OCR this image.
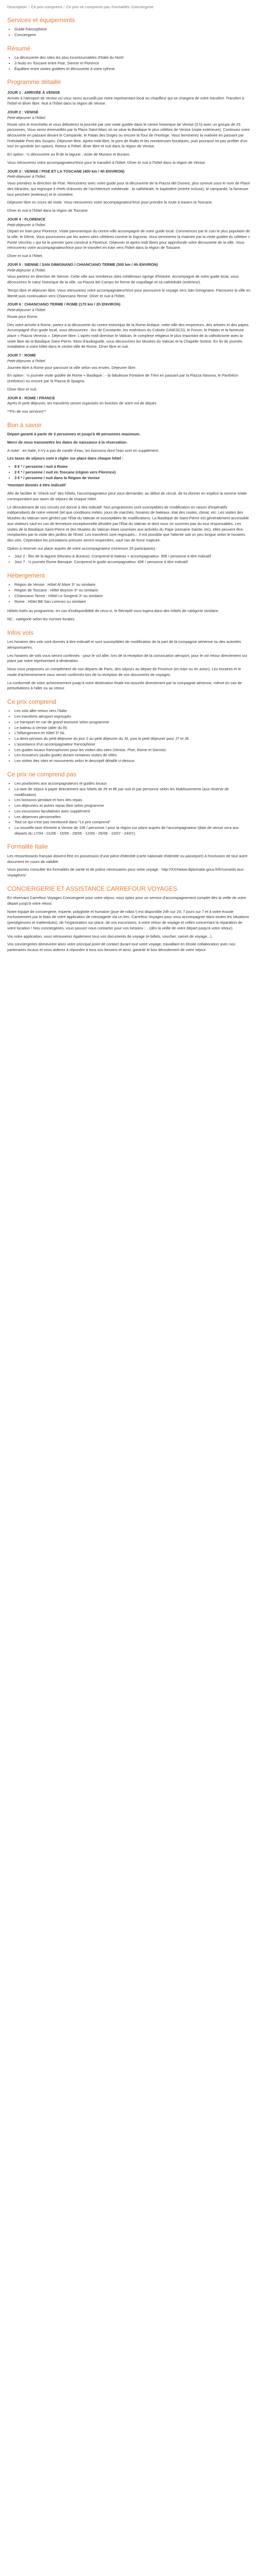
Description / Ce prix comprend / Ce prix ne comprend pas Formalités Conciergerie
Services et équipements
• Guide francophone
• Conciergerie
Résumé
• La découverte des sites les plus incontournables d'Italie du Nord
• 3 Nuits en Toscane entre Pise, Sienne et Florence
• Équilibre entre visites guidées et découverte à votre rythme
Programme détaillé
JOUR 1 : ARRIVÉE À VENISE

Arrivée à l'aéroport de Venise où vous serez accueilli par notre représentant local ou chauffeur qui se chargera de votre transfert. Transfert à l'hôtel et dîner libre. Nuit à l'hôtel dans la région de Venise.

JOUR 2 : VENISE
Petit-déjeuner à l'hôtel.

Route vers le tronchetto et vous débuterez la journée par une visite guidée dans le centre historique de Venise (3 h) avec un groupe de 25 personnes. Vous serez émerveillés par la Place Saint-Marc où se situe la Basilique le plus célèbre de Venise (visite extérieure). Continuez votre découverte en passant devant le Campanile, le Palais des Doges ou encore la Tour de l'Horloge. Vous terminerez la matinée en passant par l'inévitable Pont des Soupirs. Déjeuner libre. Après-midi libre, le pont de Rialto et les nombreuses boutiques, puis pourquoi ne pas profiter d'un tour en gondole (en option). Retour à l'hôtel, dîner libre et nuit dans la région de Venise.

En option : ½ découverte au fil de la lagune : visite de Murano et Burano.

Vous retrouverez votre accompagnateur/trice pour le transfert à l'hôtel. Dîner et nuit à l'hôtel dans la région de Venise.

JOUR 3 : VENISE / PISE ET LA TOSCANE (400 km / 4h ENVIRON)
Petit-déjeuner à l'hôtel.

Vous prendrez la direction de Pise. Rencontrez avec votre guide pour la découverte de la Piazza del Duomo, plus connue sous le nom de Place des Miracles, qui regroupe 4 chefs d'œuvres de l'architecture médiévale : la cathédrale, le baptistère (entrée incluse), le campanile, la fameuse tour penchée (extérieur) et le cimetière.

Déjeuner libre en cours de visite. Vous retrouverez votre accompagnateur/trice pour prendre la route à travers la Toscane.

Dîner et nuit à l'hôtel dans la région de Toscane.

JOUR 4 : FLORENCE
Petit-déjeuner à l'hôtel.

Départ en train pour Florence. Visite panoramique du centre-ville accompagné de votre guide local. Commencez par le coin le plus populaire de la ville, le Dôme. Vous poursuivrez par les autres sites célèbres comme la Signoria. Vous terminerez la matinée par la visite guidée du célèbre « Ponte Vecchio » qui fut le premier pont construit à Florence. Déjeuner et après-midi libres pour approfondir votre découverte de la ville. Vous retrouverez votre accompagnateur/trice pour le transfert en train vers l'hôtel dans la région de Toscane.

Dîner et nuit à l'hôtel.

JOUR 5 : SIENNE / SAN GIMIGNANO / CHIANCIANO TERME (300 km / 4h ENVIRON)
Petit-déjeuner à l'hôtel.

Vous partirez en direction de Sienne. Cette ville aux nombreux sites médiévaux rigorge d'histoire. Accompagné de votre guide local, vous découvrirez le cœur historique de la ville, sa Piazza del Campo en forme de coquillage et sa cathédrale (extérieur).

Temps libre et déjeuner libre. Vous retrouverez votre accompagnateur/trice pour poursuivre le voyage vers San Gimignano. Parcourez la ville en liberté puis continuation vers Chianciano Terme. Dîner et nuit à l'hôtel.

JOUR 6 : CHIANCIANO TERME / ROME (170 km / 2h ENVIRON)
Petit-déjeuner à l'hôtel.

Route pour Rome.

Dès votre arrivée à Rome, partez à la découverte du centre historique de la Rome Antique, cette ville des empereurs, des artistes et des papes. Accompagné d'un guide local, vous découvrirez : Arc de Constantin, les extérieurs du Colisée (UNESCO), le Forum, le Palatin et la fameuse place « Piazza Venezia ». Déjeuner libre. L'après-midi direction le Vatican, le complexe religieux le plus important de la catholicisme avec la visite libre de la Basilique Saint-Pierre. Muni d'audioguide, vous découvrirez les Musées du Vatican et la Chapelle Sixtine. En fin de journée, installation à votre hôtel dans le centre-ville de Rome. Dîner libre et nuit.

JOUR 7 : ROME
Petit-déjeuner à l'hôtel.

Journée libre à Rome pour parcourir la ville selon vos envies. Déjeuner libre.

En option : ½ journée visite guidée de Rome + Basilique : - la fabuleuse Fontaine de Trévi en passant par la Piazza Navona, le Panthéon (extérieur) ou encore par la Piazza di Spagna.

Dîner libre et nuit.

JOUR 8 : ROME / FRANCE

Après le petit déjeuner, les transferts seront organisés en fonction de votre vol de départ.

**Fin de nos services**

Bon à savoir

Départ garanti à partir de 2 personnes et jusqu'à 49 personnes maximum.

Merci de nous transmettre les dates de naissance à la réservation.

A noter : en Italie, il n'y a pas de carafe d'eau, les boissons dont l'eau sont en supplément.

Les taxes de séjours sont à régler sur place dans chaque hôtel :

• 8 € * / personne / nuit à Rome
• 2 € * / personne / nuit en Toscane (région vers Florence)
• 3 € * / personne / nuit dans la Région de Venise

*montant donnés à titre indicatif

Afin de faciliter le "check-out" des hôtels, l'accompagnateur peut vous demander, au début de circuit, de lui donner en espèce la somme totale correspondant aux taxes de séjours de chaque hôtel.

Le déroulement de nos circuits est donné à titre indicatif. Nos programmes sont susceptibles de modification en raison d'impératifs indépendants de notre volonté (tel que conditions météo, jours de marchés, horaires de bateaux, état des routes, climat, etc. Les visites des Musées du Vatican sont gérées par l'État du Vatican et susceptibles de modifications. La Basilique de Saint-Pierre est généralement accessible aux visiteurs sauf en cas de fermeture exceptionnelle décidée par l'État du Vatican et dont nous ne sommes pas du tout responsables. Les visites de la Basilique Saint-Pierre et des Musées du Vatican étant soumises aux activités du Pape (semaine Sainte, etc), elles peuvent être remplacées par la visite des jardins de l'Eveil. Les transferts sont regroupés... Il est possible que l'attente soit un peu longue selon le horaires des vols. Cependant les prestations prévues seront respectées, sauf cas de force majeure.

Option à réserver sur place auprès de votre accompagnateur (minimum 25 participants) :

• Jour 2 : Îles de la lagune (Murano & Burano). Comprend le bateau + accompagnateur. 35€ / personne à titre indicatif
• Jour 7 : ½ journée Rome Baroque. Comprend le guide accompagnateur. 45€ / personne à titre indicatif
Hébergement
• Région de Venise : Hôtel Al Mare 3* ou similaire
• Région de Toscane : Hôtel Boynon 3* ou similaire
• Chianciano Terme : Hôtel Le Sorgenti 3* ou similaire
• Rome : Hôtel BB San Lorenzo ou similaire

Hôtels listés au programme, en cas d'indisponibilité de ceux-ci, le Réceptif vous logera dans des hôtels de catégorie similaire.

NC : catégorie selon les normes locales

Infos vols

Les horaires des vols sont donnés à titre indicatif et sont susceptibles de modification de la part de la compagnie aérienne ou des autorités aéroportuaires.

Les horaires de vols vous seront confirmés - pour le vol aller, lors de la réception de la convocation aéroport, pour le vol retour directement sur place par notre représentant à destination.

Nous vous proposons un complément de nos départs de Paris, des séjours au départ de Province (en train ou en avion). Les horaires et le mode d'acheminement vous seront confirmés lors de la réception de vos documents de voyages.

La conformité de votre acheminement jusqu'à votre destination finale est assurée directement par la compagnie aérienne, même en cas de perturbations à l'aller ou au retour.

Ce prix comprend
• Les vols aller-retour vers l'Italie
• Les transferts aéroport regroupés
• Le transport en car de grand tourisme selon programme
• Le bateau à Venise (aller du R)
• L'hébergement en hôtel 3* NL
• La demi-pension du petit-déjeuner du jour 2 au petit déjeuner du J6, puis le petit déjeuner pour J7 et J8
• L'assistance d'un accompagnateur francophone
• Les guides locaux francophones pour les visites des sites (Venise, Pise, Rome et Sienne)
• Les écouteurs (audio guide) durant certaines visites de villes
• Les visites des sites et monuments selon le descriptif détaillé ci-dessus
Ce prix ne comprend pas
• Les pourboires aux accompagnateurs et guides locaux
• La taxe de séjour à payer directement aux hôtels de 2€ et 8€ par nuit et par personne selon les établissements (aux réserve de modification)
• Les boissons pendant et hors des repas
• Les déjeuners et autres repas libre selon programme
• Les excursions facultatives avec supplément
• Les dépenses personnelles
• Tout ce qui n'est pas mentionné dans "Le prix comprend"
• La nouvelle taxe d'entrée à Venise de 10€ / personne / pour la région sur place auprès de l'accompagnateur (date de venue sera aux départs du 17/04 - 01/05 - 15/05 - 29/05 - 12/06 - 26/06 - 10/07 - 24/07).
Formalité Italie

Les ressortissants français doivent être en possession d'une pièce d'identité (carte nationale d'identité ou passeport) à l'exclusion de tout autre document en cours de validité.

Vous pouvez consulter les formalités de santé et de police nécessaires pour votre voyage : http://XXXwww.diplomatie.gouv.fr/fr/conseils-aux-voyageurs/

CONCIERGERIE ET ASSISTANCE CARREFOUR VOYAGES

En réservant Carrefour Voyages Conciergerie pour votre séjour, vous optez pour un service d'accompagnement complet dès la veille de votre départ jusqu'à votre retour.

Notre équipe de conciergerie, experte, polyglotte et humaine (joue de robot !) est disponible 24h sur 24, 7 jours sur 7 et à votre écoute exclusivement par le biais de votre application de messagerie via un lien. Carrefour Voyages pour vous accompagner dans toutes les situations (prestigieuses et inattendues), de l'organisation sur place, de vos excursions, à votre retour de voyage et celles concernant la réparation de votre location ! Nos conciergeries, vous pouvez nous contacter pour vos besoins : ...(dès la veille de votre départ jusqu'à votre retour).

Via notre application, vous retrouverez également tous vos documents de voyage (e-billets, voucher, carnet de voyage...).

Vos conciergeries demeurent alors votre principal point de contact durant tout votre voyage, travaillant en étroite collaboration avec nos partenaires locaux et vous aiderez à répondre à tous vos besoins et ainsi, garantir le bon déroulement de votre séjour.
